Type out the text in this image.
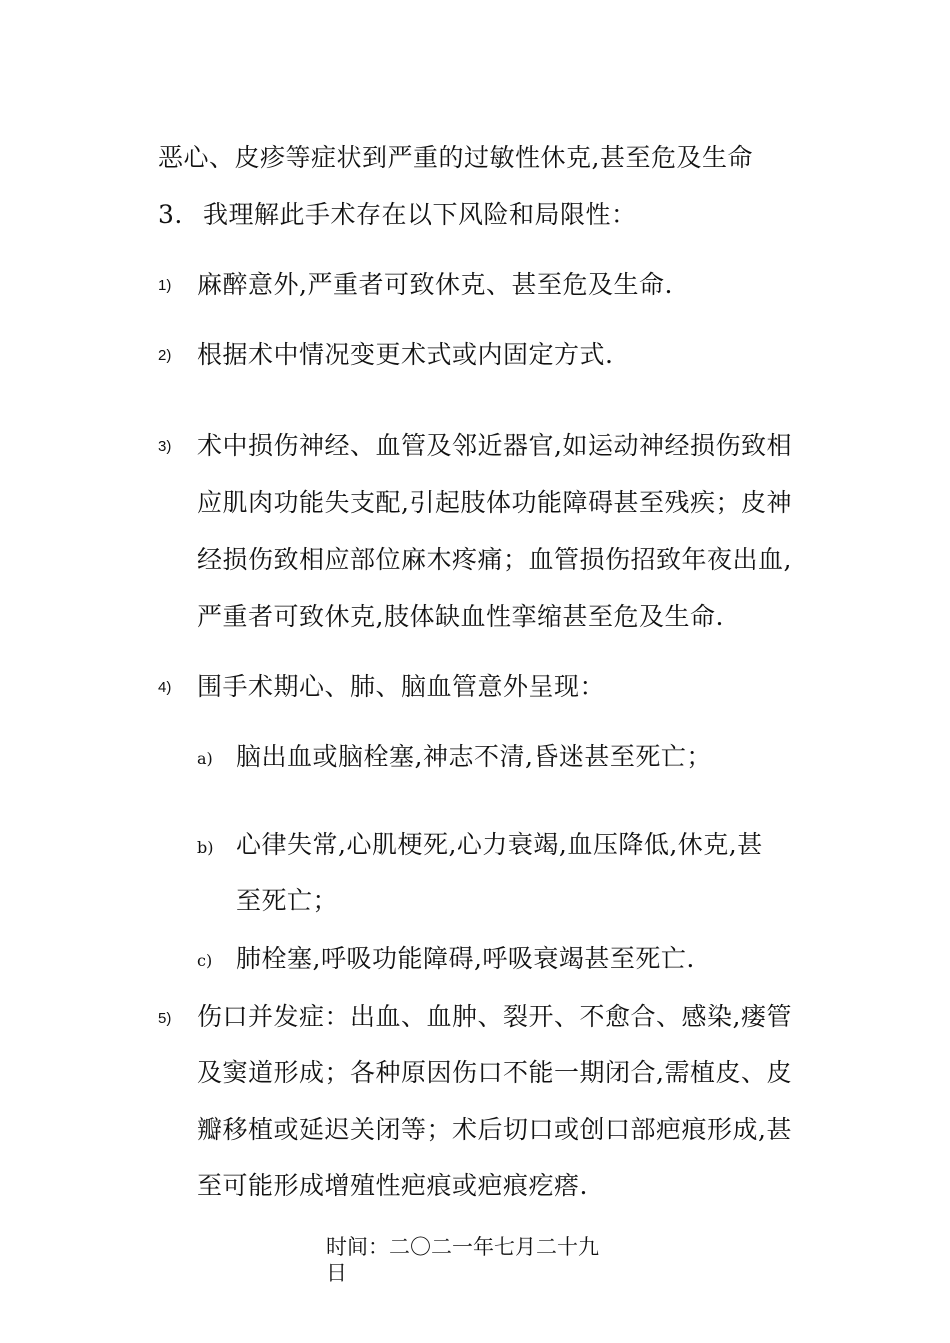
恶心、皮疹等症状到严重的过敏性休克,甚至危及生命
3. 我理解此手术存在以下风险和局限性：
1) 麻醉意外,严重者可致休克、甚至危及生命.
2) 根据术中情况变更术式或内固定方式.
3) 术中损伤神经、血管及邻近器官,如运动神经损伤致相
应肌肉功能失支配,引起肢体功能障碍甚至残疾；皮神
经损伤致相应部位麻木疼痛；血管损伤招致年夜出血,
严重者可致休克,肢体缺血性挛缩甚至危及生命.
4) 围手术期心、肺、脑血管意外呈现：
a) 脑出血或脑栓塞,神志不清,昏迷甚至死亡；
b) 心律失常,心肌梗死,心力衰竭,血压降低,休克,甚
至死亡；
c) 肺栓塞,呼吸功能障碍,呼吸衰竭甚至死亡.
5) 伤口并发症：出血、血肿、裂开、不愈合、感染,瘘管
及窦道形成；各种原因伤口不能一期闭合,需植皮、皮
瓣移植或延迟关闭等；术后切口或创口部疤痕形成,甚
至可能形成增殖性疤痕或疤痕疙瘩.
时间：二〇二一年七月二十九
日
